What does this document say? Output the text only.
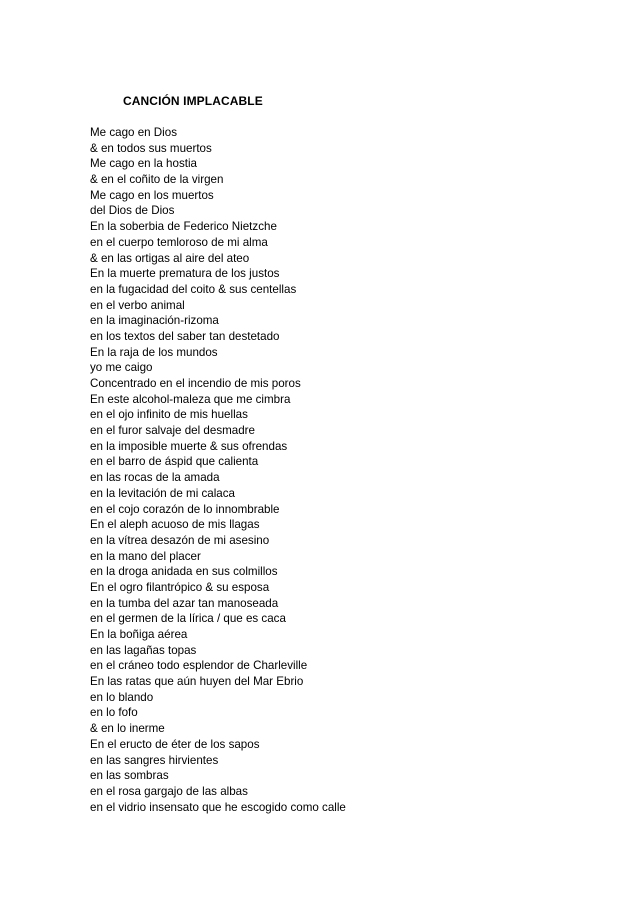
CANCIÓN IMPLACABLE
Me cago en Dios
& en todos sus muertos
Me cago en la hostia
& en el coñito de la virgen
Me cago en los muertos
del Dios de Dios
En la soberbia de Federico Nietzche
en el cuerpo temloroso de mi alma
& en las ortigas al aire del ateo
En la muerte prematura de los justos
en la fugacidad del coito & sus centellas
en el verbo animal
en la imaginación-rizoma
en los textos del saber tan destetado
En la raja de los mundos
yo me caigo
Concentrado en el incendio de mis poros
En este alcohol-maleza que me cimbra
en el ojo infinito de mis huellas
en el furor salvaje del desmadre
en la imposible muerte & sus ofrendas
en el barro de áspid que calienta
en las rocas de la amada
en la levitación de mi calaca
en el cojo corazón de lo innombrable
En el aleph acuoso de mis llagas
en la vítrea desazón de mi asesino
en la mano del placer
en la droga anidada en sus colmillos
En el ogro filantrópico & su esposa
en la tumba del azar tan manoseada
en el germen de la lírica / que es caca
En la boñiga aérea
en las lagañas topas
en el cráneo todo esplendor de Charleville
En las ratas que aún huyen del Mar Ebrio
en lo blando
en lo fofo
& en lo inerme
En el eructo de éter de los sapos
en las sangres hirvientes
en las sombras
en el rosa gargajo de las albas
en el vidrio insensato que he escogido como calle
